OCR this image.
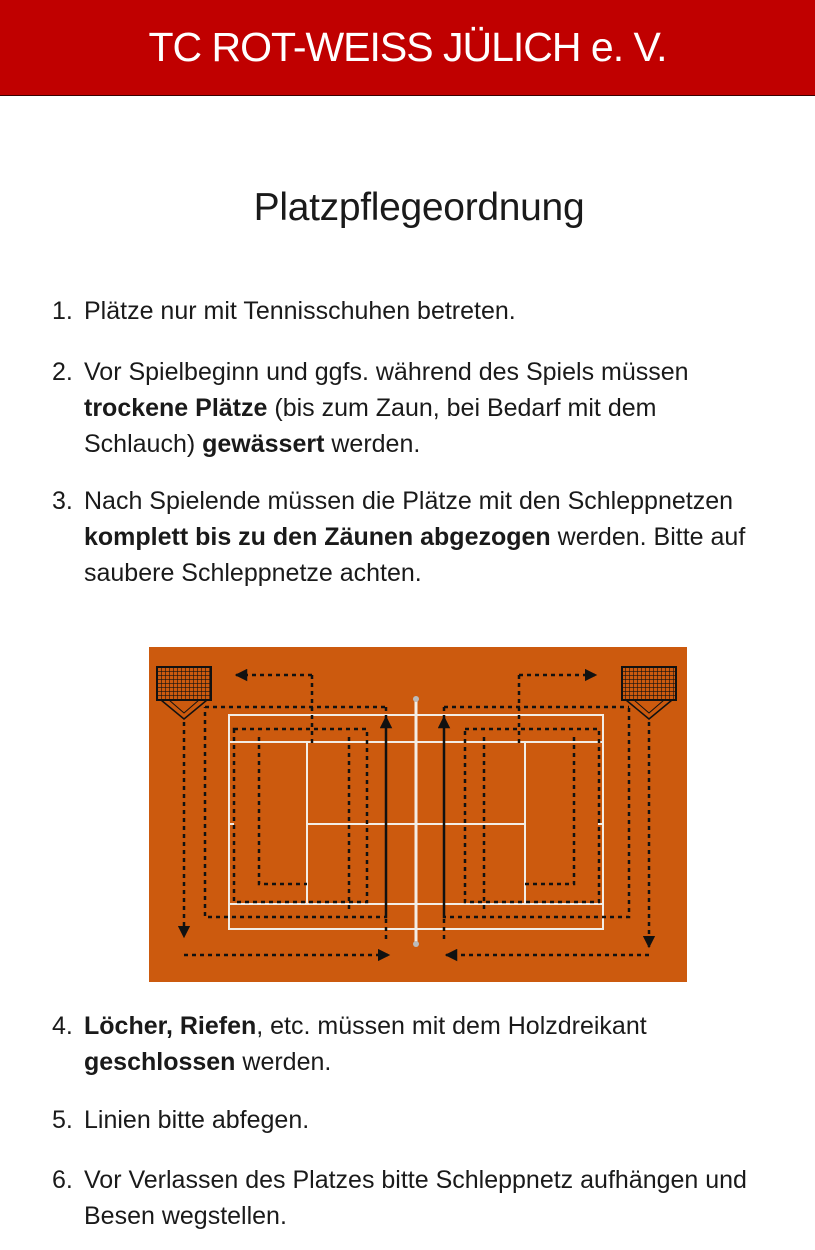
TC ROT-WEISS JÜLICH e. V.
Platzpflegeordnung
1. Plätze nur mit Tennisschuhen betreten.
2. Vor Spielbeginn und ggfs. während des Spiels müssen trockene Plätze (bis zum Zaun, bei Bedarf mit dem Schlauch) gewässert werden.
3. Nach Spielende müssen die Plätze mit den Schleppnetzen komplett bis zu den Zäunen abgezogen werden. Bitte auf saubere Schleppnetze achten.
4. Löcher, Riefen, etc. müssen mit dem Holzdreikant geschlossen werden.
5. Linien bitte abfegen.
6. Vor Verlassen des Platzes bitte Schleppnetz aufhängen und Besen wegstellen.
